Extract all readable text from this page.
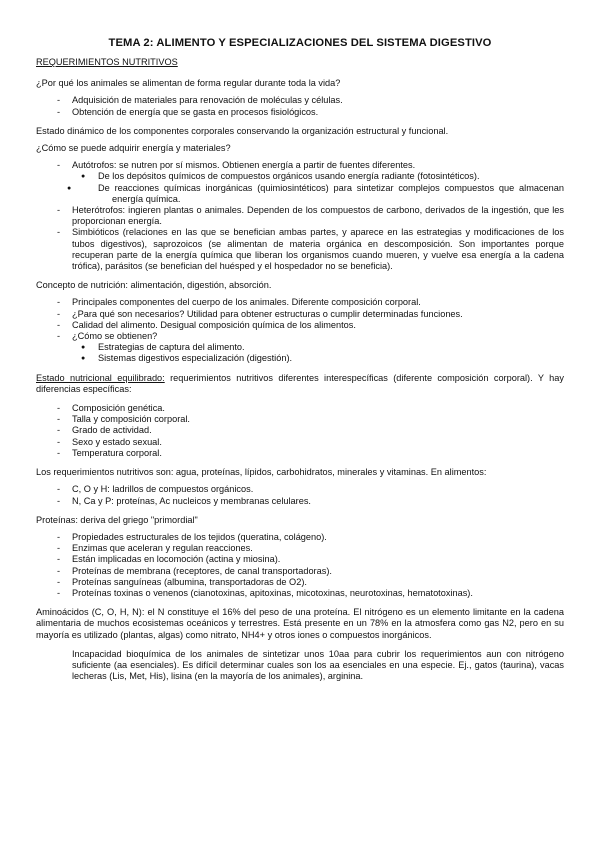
TEMA 2: ALIMENTO Y ESPECIALIZACIONES DEL SISTEMA DIGESTIVO

REQUERIMIENTOS NUTRITIVOS

¿Por qué los animales se alimentan de forma regular durante toda la vida?

- Adquisición de materiales para renovación de moléculas y células.
- Obtención de energía que se gasta en procesos fisiológicos.

Estado dinámico de los componentes corporales conservando la organización estructural y funcional.

¿Cómo se puede adquirir energía y materiales?

- Autótrofos: se nutren por sí mismos. Obtienen energía a partir de fuentes diferentes.
● De los depósitos químicos de compuestos orgánicos usando energía radiante (fotosintéticos).
● De reacciones químicas inorgánicas (quimiosintéticos) para sintetizar complejos compuestos que almacenan energía química.
- Heterótrofos: ingieren plantas o animales. Dependen de los compuestos de carbono, derivados de la ingestión, que les proporcionan energía.
- Simbióticos (relaciones en las que se benefician ambas partes, y aparece en las estrategias y modificaciones de los tubos digestivos), saprozoicos (se alimentan de materia orgánica en descomposición. Son importantes porque recuperan parte de la energía química que liberan los organismos cuando mueren, y vuelve esa energía a la cadena trófica), parásitos (se benefician del huésped y el hospedador no se beneficia).

Concepto de nutrición: alimentación, digestión, absorción.

- Principales componentes del cuerpo de los animales. Diferente composición corporal.
- ¿Para qué son necesarios? Utilidad para obtener estructuras o cumplir determinadas funciones.
- Calidad del alimento. Desigual composición química de los alimentos.
- ¿Cómo se obtienen?
● Estrategias de captura del alimento.
● Sistemas digestivos especialización (digestión).

Estado nutricional equilibrado: requerimientos nutritivos diferentes interespecíficas (diferente composición corporal). Y hay diferencias específicas:

- Composición genética.
- Talla y composición corporal.
- Grado de actividad.
- Sexo y estado sexual.
- Temperatura corporal.

Los requerimientos nutritivos son: agua, proteínas, lípidos, carbohidratos, minerales y vitaminas. En alimentos:

- C, O y H: ladrillos de compuestos orgánicos.
- N, Ca y P: proteínas, Ac nucleicos y membranas celulares.

Proteínas: deriva del griego "primordial"

- Propiedades estructurales de los tejidos (queratina, colágeno).
- Enzimas que aceleran y regulan reacciones.
- Están implicadas en locomoción (actina y miosina).
- Proteínas de membrana (receptores, de canal transportadoras).
- Proteínas sanguíneas (albumina, transportadoras de O2).
- Proteínas toxinas o venenos (cianotoxinas, apitoxinas, micotoxinas, neurotoxinas, hematotoxinas).

Aminoácidos (C, O, H, N): el N constituye el 16% del peso de una proteína. El nitrógeno es un elemento limitante en la cadena alimentaria de muchos ecosistemas oceánicos y terrestres. Está presente en un 78% en la atmosfera como gas N2, pero en su mayoría es utilizado (plantas, algas) como nitrato, NH4+ y otros iones o compuestos inorgánicos.

Incapacidad bioquímica de los animales de sintetizar unos 10aa para cubrir los requerimientos aun con nitrógeno suficiente (aa esenciales). Es difícil determinar cuales son los aa esenciales en una especie. Ej., gatos (taurina), vacas lecheras (Lis, Met, His), lisina (en la mayoría de los animales), arginina.
